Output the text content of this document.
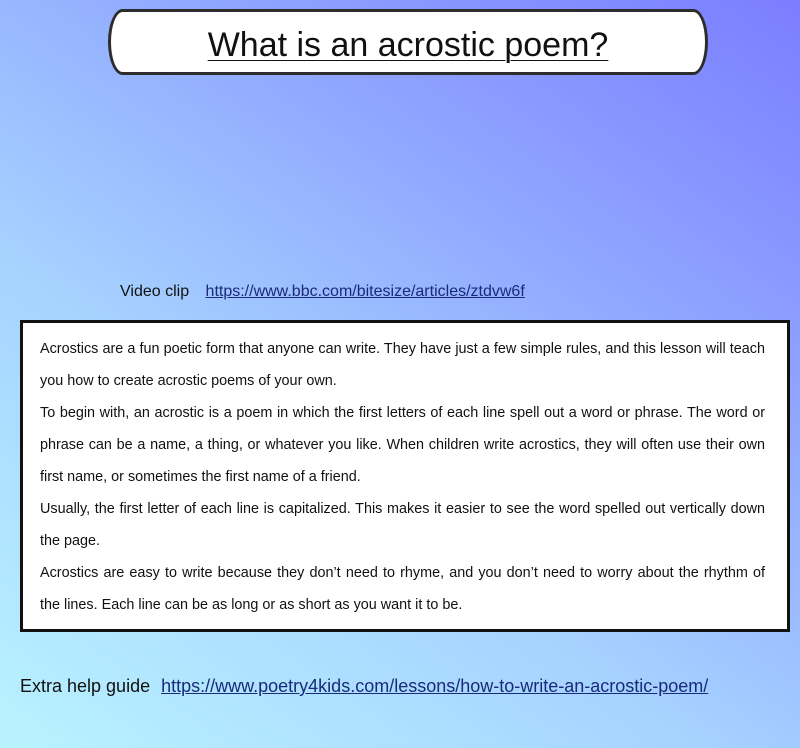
What is an acrostic poem?
Video clip https://www.bbc.com/bitesize/articles/ztdvw6f

Acrostics are a fun poetic form that anyone can write. They have just a few simple rules, and this lesson will teach you how to create acrostic poems of your own.

To begin with, an acrostic is a poem in which the first letters of each line spell out a word or phrase. The word or phrase can be a name, a thing, or whatever you like. When children write acrostics, they will often use their own first name, or sometimes the first name of a friend.

Usually, the first letter of each line is capitalized. This makes it easier to see the word spelled out vertically down the page.

Acrostics are easy to write because they don’t need to rhyme, and you don’t need to worry about the rhythm of the lines. Each line can be as long or as short as you want it to be.

Extra help guide https://www.poetry4kids.com/lessons/how-to-write-an-acrostic-poem/
